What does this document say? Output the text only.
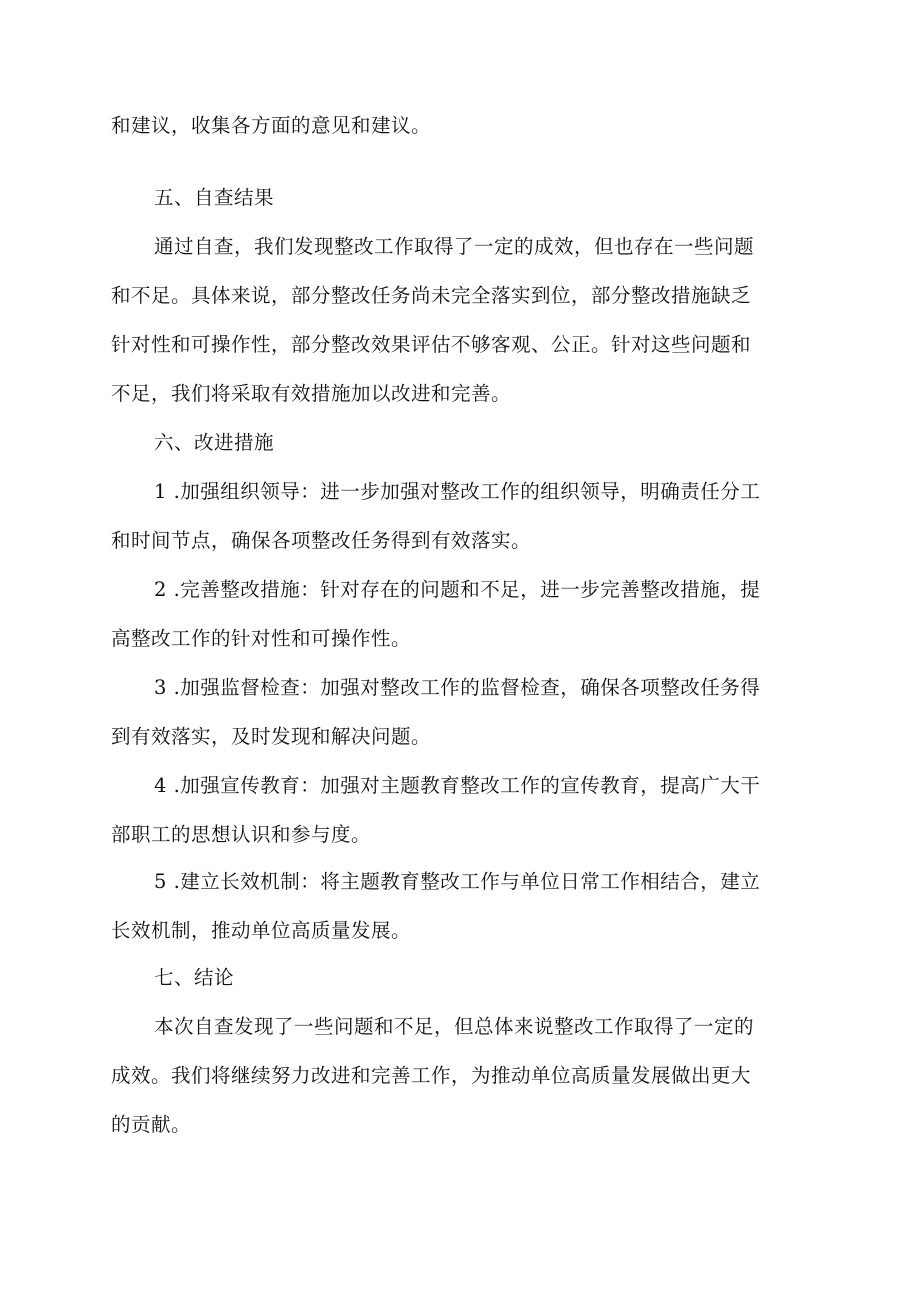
和建议，收集各方面的意见和建议。
五、自查结果
通过自查，我们发现整改工作取得了一定的成效，但也存在一些问题
和不足。具体来说，部分整改任务尚未完全落实到位，部分整改措施缺乏
针对性和可操作性，部分整改效果评估不够客观、公正。针对这些问题和
不足，我们将采取有效措施加以改进和完善。
六、改进措施
1 .加强组织领导：进一步加强对整改工作的组织领导，明确责任分工
和时间节点，确保各项整改任务得到有效落实。
2 .完善整改措施：针对存在的问题和不足，进一步完善整改措施，提
高整改工作的针对性和可操作性。
3 .加强监督检查：加强对整改工作的监督检查，确保各项整改任务得
到有效落实，及时发现和解决问题。
4 .加强宣传教育：加强对主题教育整改工作的宣传教育，提高广大干
部职工的思想认识和参与度。
5 .建立长效机制：将主题教育整改工作与单位日常工作相结合，建立
长效机制，推动单位高质量发展。
七、结论
本次自查发现了一些问题和不足，但总体来说整改工作取得了一定的
成效。我们将继续努力改进和完善工作，为推动单位高质量发展做出更大
的贡献。
